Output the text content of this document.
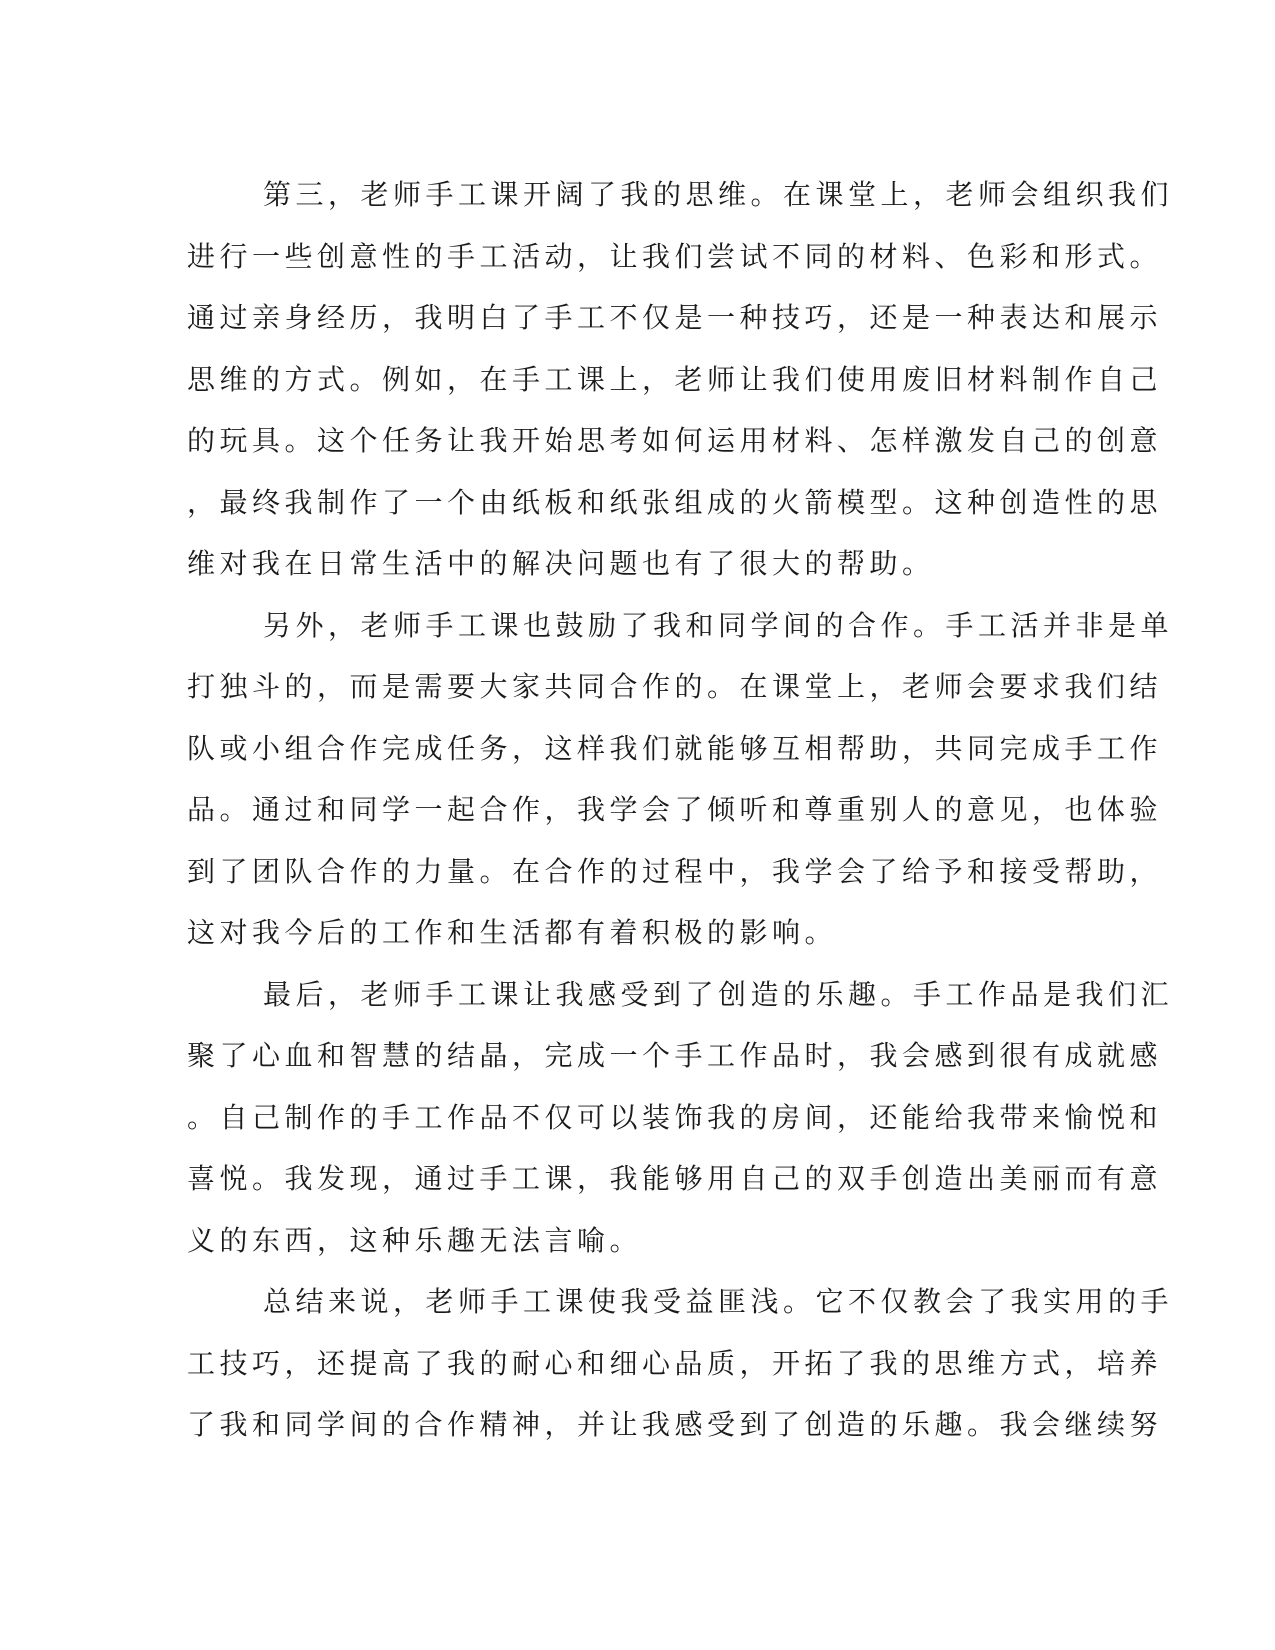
第三，老师手工课开阔了我的思维。在课堂上，老师会组织我们
进行一些创意性的手工活动，让我们尝试不同的材料、色彩和形式。
通过亲身经历，我明白了手工不仅是一种技巧，还是一种表达和展示
思维的方式。例如，在手工课上，老师让我们使用废旧材料制作自己
的玩具。这个任务让我开始思考如何运用材料、怎样激发自己的创意
，最终我制作了一个由纸板和纸张组成的火箭模型。这种创造性的思
维对我在日常生活中的解决问题也有了很大的帮助。
另外，老师手工课也鼓励了我和同学间的合作。手工活并非是单
打独斗的，而是需要大家共同合作的。在课堂上，老师会要求我们结
队或小组合作完成任务，这样我们就能够互相帮助，共同完成手工作
品。通过和同学一起合作，我学会了倾听和尊重别人的意见，也体验
到了团队合作的力量。在合作的过程中，我学会了给予和接受帮助，
这对我今后的工作和生活都有着积极的影响。
最后，老师手工课让我感受到了创造的乐趣。手工作品是我们汇
聚了心血和智慧的结晶，完成一个手工作品时，我会感到很有成就感
。自己制作的手工作品不仅可以装饰我的房间，还能给我带来愉悦和
喜悦。我发现，通过手工课，我能够用自己的双手创造出美丽而有意
义的东西，这种乐趣无法言喻。
总结来说，老师手工课使我受益匪浅。它不仅教会了我实用的手
工技巧，还提高了我的耐心和细心品质，开拓了我的思维方式，培养
了我和同学间的合作精神，并让我感受到了创造的乐趣。我会继续努
